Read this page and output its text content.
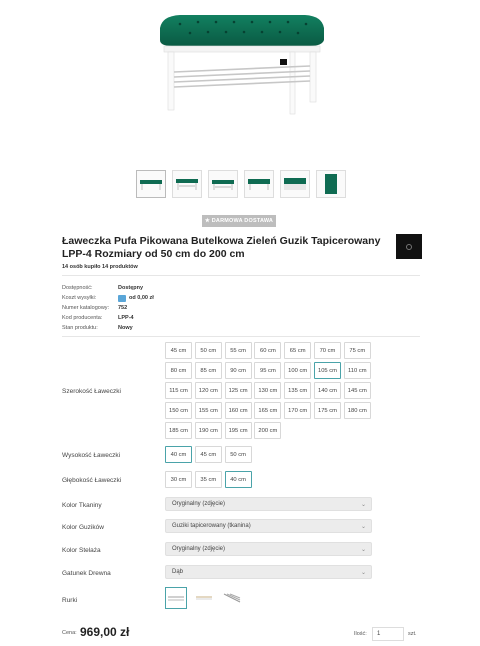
★ DARMOWA DOSTAWA
Ławeczka Pufa Pikowana Butelkowa Zieleń Guzik Tapicerowany LPP-4 Rozmiary od 50 cm do 200 cm
14 osób kupiło 14 produktów
Dostępność:	Dostępny
Koszt wysyłki:	od 0,00 zł
Numer katalogowy:	752
Kod producenta:	LPP-4
Stan produktu:	Nowy
Szerokość Ławeczki
45 cm	50 cm	55 cm	60 cm	65 cm	70 cm	75 cm
80 cm	85 cm	90 cm	95 cm	100 cm	105 cm	110 cm
115 cm	120 cm	125 cm	130 cm	135 cm	140 cm	145 cm
150 cm	155 cm	160 cm	165 cm	170 cm	175 cm	180 cm
185 cm	190 cm	195 cm	200 cm
Wysokość Ławeczki	40 cm	45 cm	50 cm
Głębokość Ławeczki	30 cm	35 cm	40 cm
Kolor Tkaniny	Oryginalny (zdjęcie)	⌄
Kolor Guzików	Guziki tapicerowany (tkanina)	⌄
Kolor Stelaża	Oryginalny (zdjęcie)	⌄
Gatunek Drewna	Dąb	⌄
Rurki
Cena: 969,00 zł	Ilość:	1	szt.
